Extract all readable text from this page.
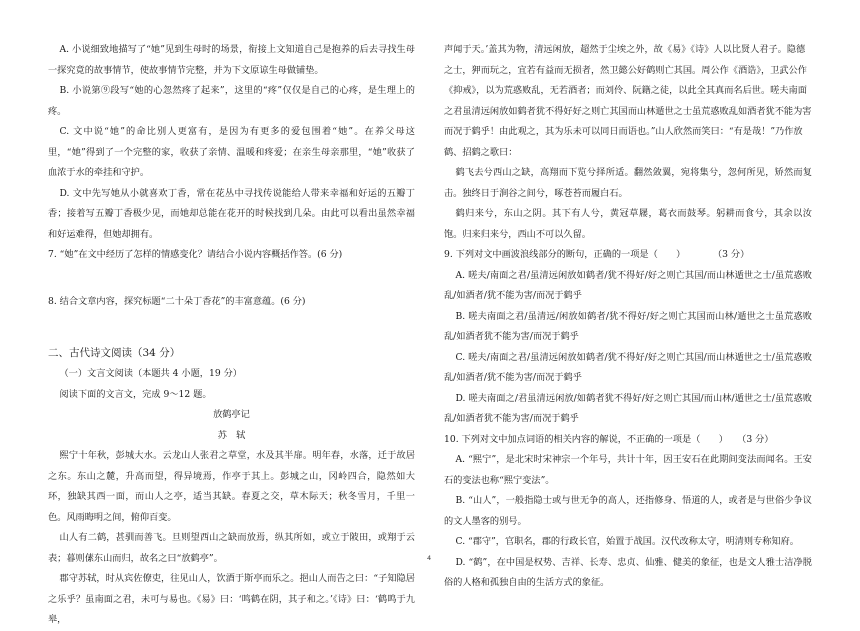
A. 小说细致地描写了“她”见到生母时的场景，衔接上文知道自己是抱养的后去寻找生母一探究竟的故事情节，使故事情节完整，并为下文原谅生母做铺垫。

B. 小说第⑨段写“她的心忽然疼了起来”，这里的“疼”仅仅是自己的心疼，是生理上的疼。

C. 文中说“她”的命比别人更富有，是因为有更多的爱包围着“她”。在养父母这里，“她”得到了一个完整的家，收获了亲情、温暖和疼爱；在亲生母亲那里，“她”收获了血浓于水的牵挂和守护。

D. 文中先写她从小就喜欢丁香，常在花丛中寻找传说能给人带来幸福和好运的五瓣丁香；接着写五瓣丁香极少见，而她却总能在花开的时候找到几朵。由此可以看出虽然幸福和好运难得，但她却拥有。

7. “她”在文中经历了怎样的情感变化？请结合小说内容概括作答。(6 分)

8. 结合文章内容，探究标题“二十朵丁香花”的丰富意蕴。(6 分)

二、古代诗文阅读（34 分）

（一）文言文阅读（本题共 4 小题，19 分）

阅读下面的文言文，完成 9～12 题。

放鹤亭记

苏　轼

熙宁十年秋，彭城大水。云龙山人张君之草堂，水及其半扉。明年春，水落，迁于故居之东。东山之麓，升高而望，得异境焉，作亭于其上。彭城之山，冈岭四合，隐然如大环，独缺其西一面，而山人之亭，适当其缺。春夏之交，草木际天；秋冬雪月，千里一色。风雨晦明之间，俯仰百变。

山人有二鹤，甚驯而善飞。旦则望西山之缺而放焉，纵其所如，或立于陂田，或翔于云表；暮则傃东山而归，故名之曰“放鹤亭”。

郡守苏轼，时从宾佐僚吏，往见山人，饮酒于斯亭而乐之。挹山人而告之曰：“子知隐居之乐乎？虽南面之君，未可与易也。《易》曰：‘鸣鹤在阴，其子和之。’《诗》曰：‘鹤鸣于九皋，

声闻于天。’盖其为物，清远闲放，超然于尘埃之外，故《易》《诗》人以比贤人君子。隐德之士，狎而玩之，宜若有益而无损者，然卫懿公好鹤则亡其国。周公作《酒诰》，卫武公作《抑戒》，以为荒惑败乱，无若酒者；而刘伶、阮籍之徒，以此全其真而名后世。嗟夫南面之君虽清远闲放如鹤者犹不得好好之则亡其国而山林遁世之士虽荒惑败乱如酒者犹不能为害而况于鹤乎！由此观之，其为乐未可以同日而语也。”山人欣然而笑曰：“有是哉！”乃作放鹤、招鹤之歌曰：

鹤飞去兮西山之缺，高翔而下览兮择所适。翻然敛翼，宛将集兮，忽何所见，矫然而复击。独终日于涧谷之间兮，啄苍苔而履白石。

鹤归来兮，东山之阴。其下有人兮，黄冠草屦，葛衣而鼓琴。躬耕而食兮，其余以汝饱。归来归来兮，西山不可以久留。

9. 下列对文中画波浪线部分的断句，正确的一项是（　　）　　　　（3 分）

A. 嗟夫/南面之君/虽清远闲放如鹤者/犹不得好/好之则亡其国/而山林遁世之士/虽荒惑败乱/如酒者/犹不能为害/而况于鹤乎

B. 嗟夫南面之君/虽清远/闲放如鹤者/犹不得好/好之则亡其国而山林/遁世之士虽荒惑败乱/如酒者犹不能为害/而况于鹤乎

C. 嗟夫/南面之君/虽清远闲放如鹤者/犹不得好/好之则亡其国/而山林遁世之士/虽荒惑败乱/如酒者/犹不能为害/而况于鹤乎

D. 嗟夫南面之/君虽清远闲放/如鹤者犹不得好/好之则亡其国/而山林/遁世之士/虽荒惑败乱/如酒者犹不能为害/而况于鹤乎

10. 下列对文中加点词语的相关内容的解说，不正确的一项是（　　）　　（3 分）

A. “熙宁”，是北宋时宋神宗一个年号，共计十年，因王安石在此期间变法而闻名。王安石的变法也称“熙宁变法”。

B. “山人”，一般指隐士或与世无争的高人，还指修身、悟道的人，或者是与世俗少争议的文人墨客的别号。

C. “郡守”，官职名，郡的行政长官，始置于战国。汉代改称太守，明清则专称知府。

D. “鹤”，在中国是权势、吉祥、长寿、忠贞、仙雅、健美的象征，也是文人雅士洁净脱俗的人格和孤独自由的生活方式的象征。

4
